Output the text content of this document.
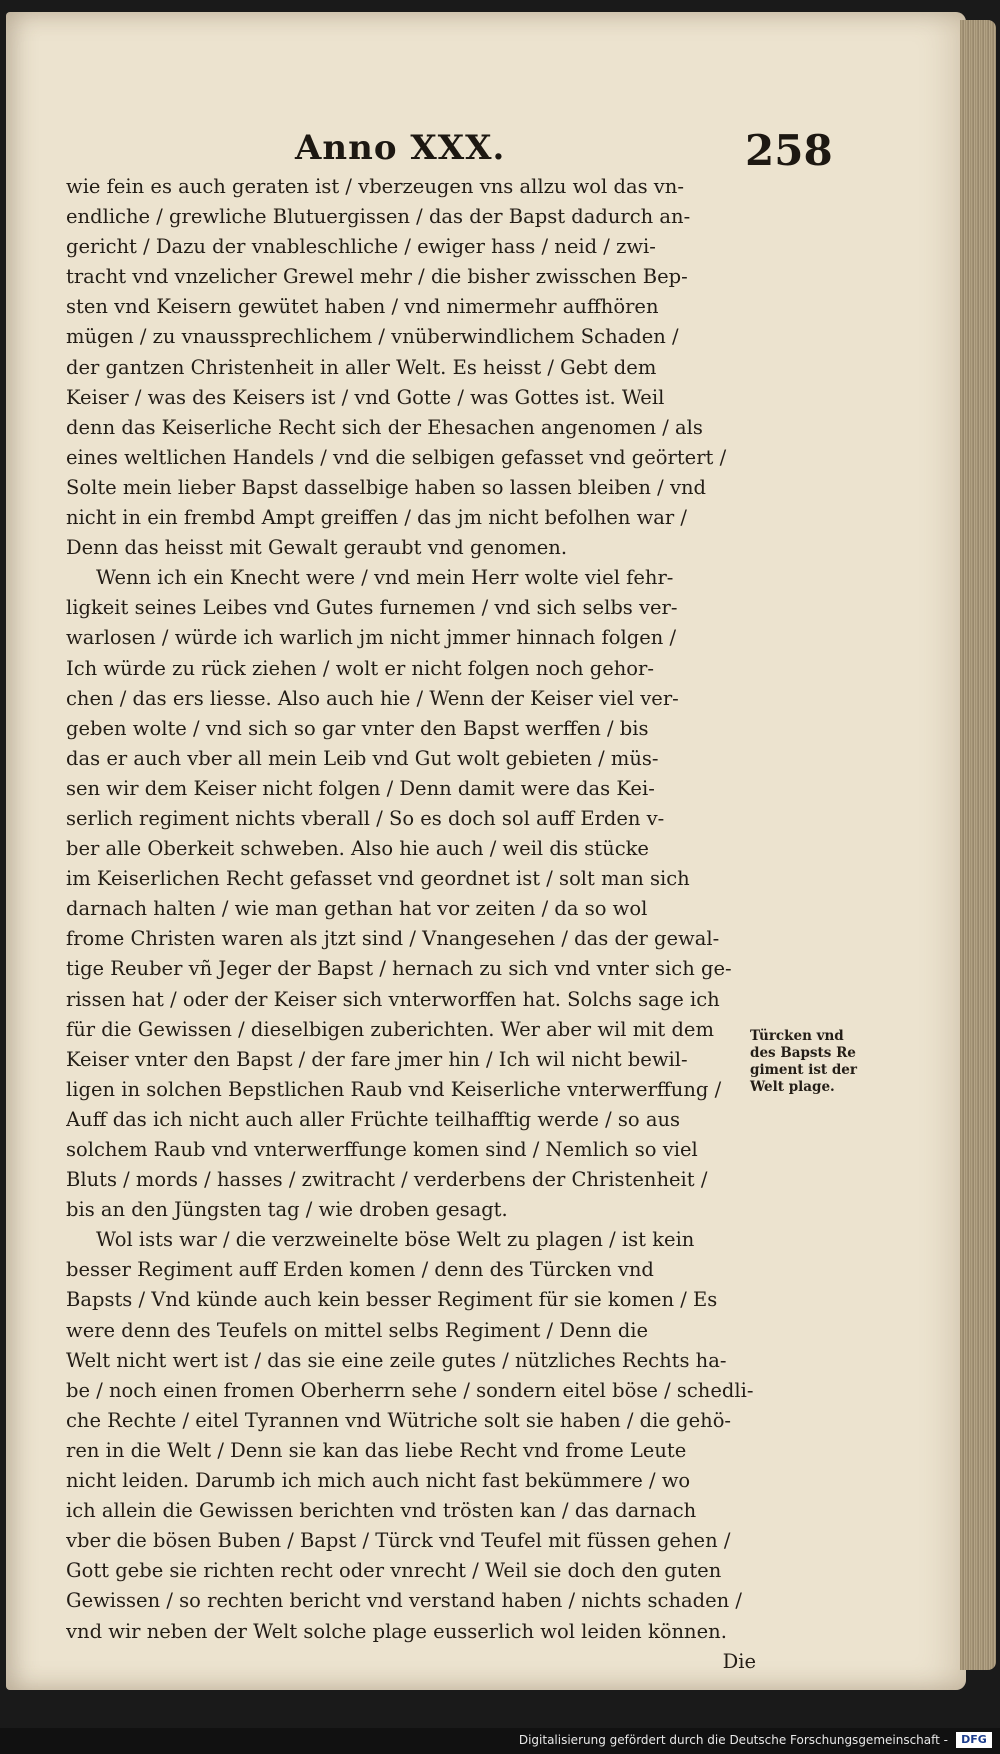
Anno XXX.	258
wie fein es auch geraten ist / vberzeugen vns allzu wol das vn-
endliche / grewliche Blutuergissen / das der Bapst dadurch an-
gericht / Dazu der vnableschliche / ewiger hass / neid / zwi-
tracht vnd vnzelicher Grewel mehr / die bisher zwisschen Bep-
sten vnd Keisern gewütet haben / vnd nimermehr auffhören
mügen / zu vnaussprechlichem / vnüberwindlichem Schaden /
der gantzen Christenheit in aller Welt. Es heisst / Gebt dem
Keiser / was des Keisers ist / vnd Gotte / was Gottes ist. Weil
denn das Keiserliche Recht sich der Ehesachen angenomen / als
eines weltlichen Handels / vnd die selbigen gefasset vnd geörtert /
Solte mein lieber Bapst dasselbige haben so lassen bleiben / vnd
nicht in ein frembd Ampt greiffen / das jm nicht befolhen war /
Denn das heisst mit Gewalt geraubt vnd genomen.
Wenn ich ein Knecht were / vnd mein Herr wolte viel fehr-
ligkeit seines Leibes vnd Gutes furnemen / vnd sich selbs ver-
warlosen / würde ich warlich jm nicht jmmer hinnach folgen /
Ich würde zu rück ziehen / wolt er nicht folgen noch gehor-
chen / das ers liesse. Also auch hie / Wenn der Keiser viel ver-
geben wolte / vnd sich so gar vnter den Bapst werffen / bis
das er auch vber all mein Leib vnd Gut wolt gebieten / müs-
sen wir dem Keiser nicht folgen / Denn damit were das Kei-
serlich regiment nichts vberall / So es doch sol auff Erden v-
ber alle Oberkeit schweben. Also hie auch / weil dis stücke
im Keiserlichen Recht gefasset vnd geordnet ist / solt man sich
darnach halten / wie man gethan hat vor zeiten / da so wol
frome Christen waren als jtzt sind / Vnangesehen / das der gewal-
tige Reuber vñ Jeger der Bapst / hernach zu sich vnd vnter sich ge-
rissen hat / oder der Keiser sich vnterworffen hat. Solchs sage ich
für die Gewissen / dieselbigen zuberichten. Wer aber wil mit dem
Keiser vnter den Bapst / der fare jmer hin / Ich wil nicht bewil-
ligen in solchen Bepstlichen Raub vnd Keiserliche vnterwerffung /
Auff das ich nicht auch aller Früchte teilhafftig werde / so aus
solchem Raub vnd vnterwerffunge komen sind / Nemlich so viel
Bluts / mords / hasses / zwitracht / verderbens der Christenheit /
bis an den Jüngsten tag / wie droben gesagt.
Wol ists war / die verzweinelte böse Welt zu plagen / ist kein
besser Regiment auff Erden komen / denn des Türcken vnd
Bapsts / Vnd künde auch kein besser Regiment für sie komen / Es
were denn des Teufels on mittel selbs Regiment / Denn die
Welt nicht wert ist / das sie eine zeile gutes / nützliches Rechts ha-
be / noch einen fromen Oberherrn sehe / sondern eitel böse / schedli-
che Rechte / eitel Tyrannen vnd Wütriche solt sie haben / die gehö-
ren in die Welt / Denn sie kan das liebe Recht vnd frome Leute
nicht leiden. Darumb ich mich auch nicht fast bekümmere / wo
ich allein die Gewissen berichten vnd trösten kan / das darnach
vber die bösen Buben / Bapst / Türck vnd Teufel mit füssen gehen /
Gott gebe sie richten recht oder vnrecht / Weil sie doch den guten
Gewissen / so rechten bericht vnd verstand haben / nichts schaden /
vnd wir neben der Welt solche plage eusserlich wol leiden können.
Die
Türcken vnd
des Bapsts Re
giment ist der
Welt plage.
Digitalisierung gefördert durch die Deutsche Forschungsgemeinschaft -	DFG
